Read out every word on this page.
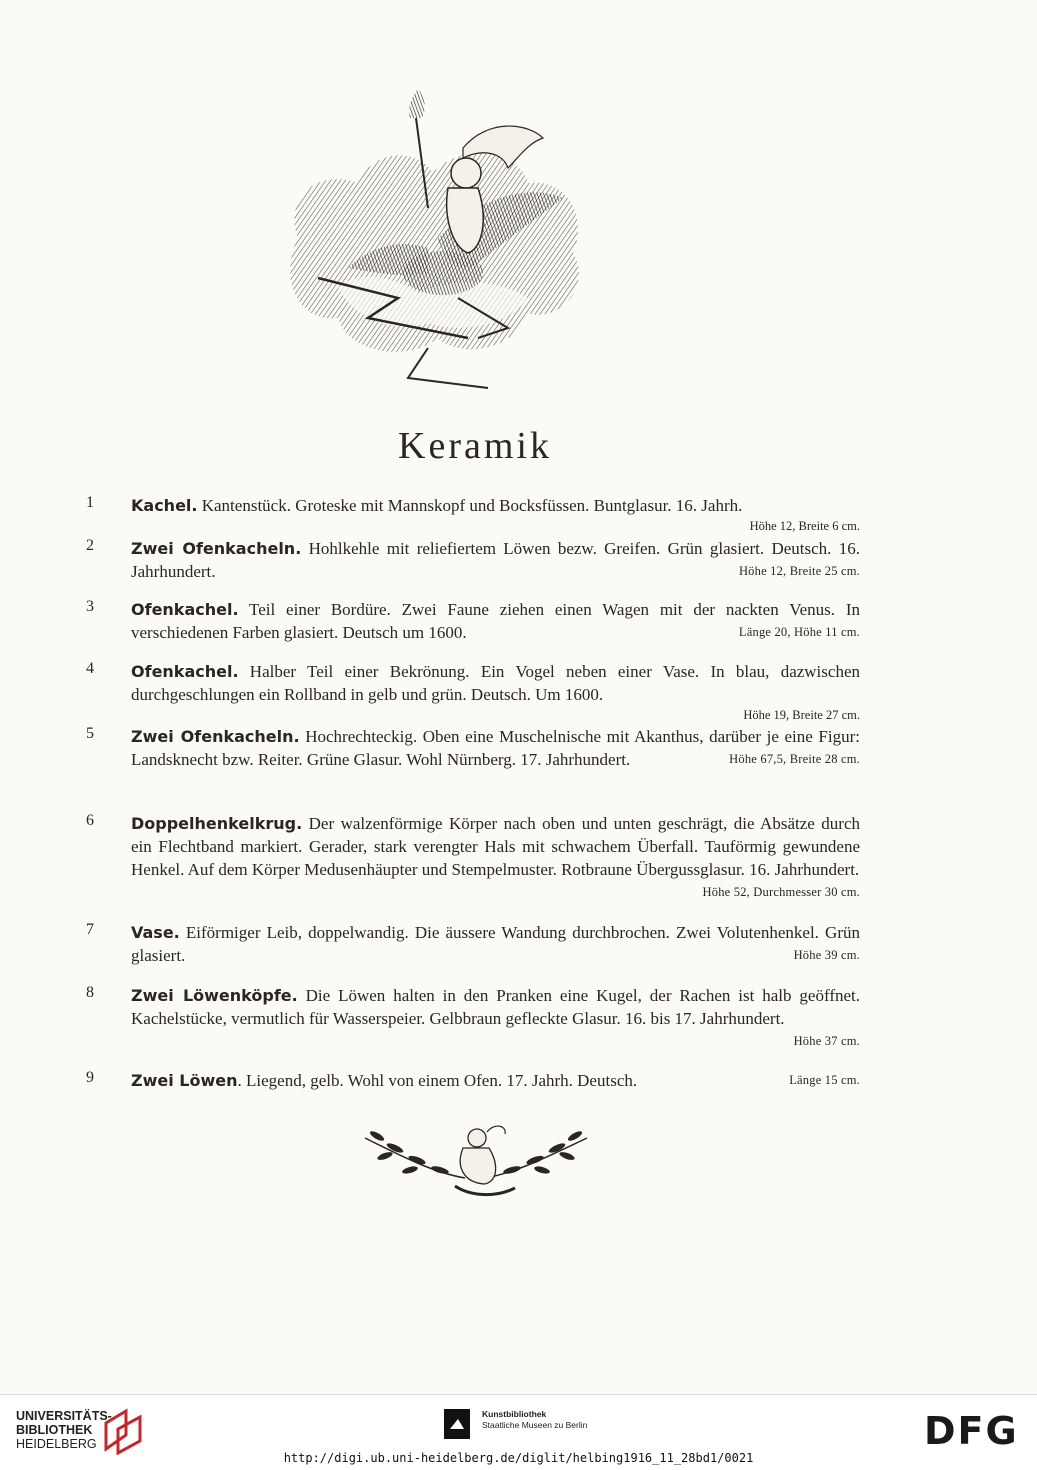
Keramik
1	Kachel. Kantenstück. Groteske mit Mannskopf und Bocksfüssen. Buntglasur. 16. Jahrh.
Höhe 12, Breite 6 cm.
2	Zwei Ofenkacheln. Hohlkehle mit reliefiertem Löwen bezw. Greifen. Grün glasiert. Deutsch. 16. Jahrhundert.	Höhe 12, Breite 25 cm.
3	Ofenkachel. Teil einer Bordüre. Zwei Faune ziehen einen Wagen mit der nackten Venus. In verschiedenen Farben glasiert. Deutsch um 1600.	Länge 20, Höhe 11 cm.
4	Ofenkachel. Halber Teil einer Bekrönung. Ein Vogel neben einer Vase. In blau, dazwischen durchgeschlungen ein Rollband in gelb und grün. Deutsch. Um 1600.
Höhe 19, Breite 27 cm.
5	Zwei Ofenkacheln. Hochrechteckig. Oben eine Muschelnische mit Akanthus, darüber je eine Figur: Landsknecht bzw. Reiter. Grüne Glasur. Wohl Nürnberg. 17. Jahrhundert.	Höhe 67,5, Breite 28 cm.
6	Doppelhenkelkrug. Der walzenförmige Körper nach oben und unten geschrägt, die Absätze durch ein Flechtband markiert. Gerader, stark verengter Hals mit schwachem Überfall. Tauförmig gewundene Henkel. Auf dem Körper Medusenhäupter und Stempelmuster. Rotbraune Übergussglasur. 16. Jahrhundert.
Höhe 52, Durchmesser 30 cm.
7	Vase. Eiförmiger Leib, doppelwandig. Die äussere Wandung durchbrochen. Zwei Volutenhenkel. Grün glasiert.	Höhe 39 cm.
8	Zwei Löwenköpfe. Die Löwen halten in den Pranken eine Kugel, der Rachen ist halb geöffnet. Kachelstücke, vermutlich für Wasserspeier. Gelbbraun gefleckte Glasur. 16. bis 17. Jahrhundert.
Höhe 37 cm.
9	Zwei Löwen. Liegend, gelb. Wohl von einem Ofen. 17. Jahrh. Deutsch.	Länge 15 cm.
UNIVERSITÄTS-
BIBLIOTHEK
HEIDELBERG
Kunstbibliothek
Staatliche Museen zu Berlin	DFG
http://digi.ub.uni-heidelberg.de/diglit/helbing1916_11_28bd1/0021
